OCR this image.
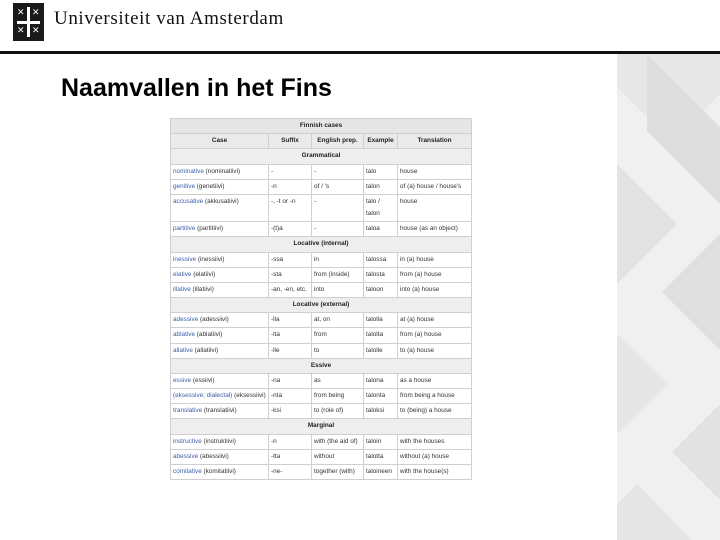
✕
✕
✕
✕
Universiteit van Amsterdam
Naamvallen in het Fins
Finnish cases				
Case	Suffix	English prep.	Example	Translation
Grammatical				
nominative (nominatiivi)	-	-	talo	house
genitive (genetiivi)	-n	of / 's	talon	of (a) house / house's
accusative (akkusatiivi)	-, -t or -n	-	talo / talon	house
partitive (partitiivi)	-(t)a	-	taloa	house (as an object)
Locative (internal)				
inessive (inessiivi)	-ssa	in	talossa	in (a) house
elative (elatiivi)	-sta	from (inside)	talosta	from (a) house
illative (illatiivi)	-an, -en, etc.	into	taloon	into (a) house
Locative (external)				
adessive (adessiivi)	-lla	at, on	talolla	at (a) house
ablative (ablatiivi)	-lta	from	talolta	from (a) house
allative (allatiivi)	-lle	to	talolle	to (a) house
Essive				
essive (essiivi)	-na	as	talona	as a house
(eksessive; dialectal) (eksessiivi)	-nta	from being	talonta	from being a house
translative (translatiivi)	-ksi	to (role of)	taloksi	to (being) a house
Marginal				
instructive (instruktiivi)	-n	with (the aid of)	taloin	with the houses
abessive (abessiivi)	-tta	without	talotta	without (a) house
comitative (komitatiivi)	-ne-	together (with)	taloineen	with the house(s)
